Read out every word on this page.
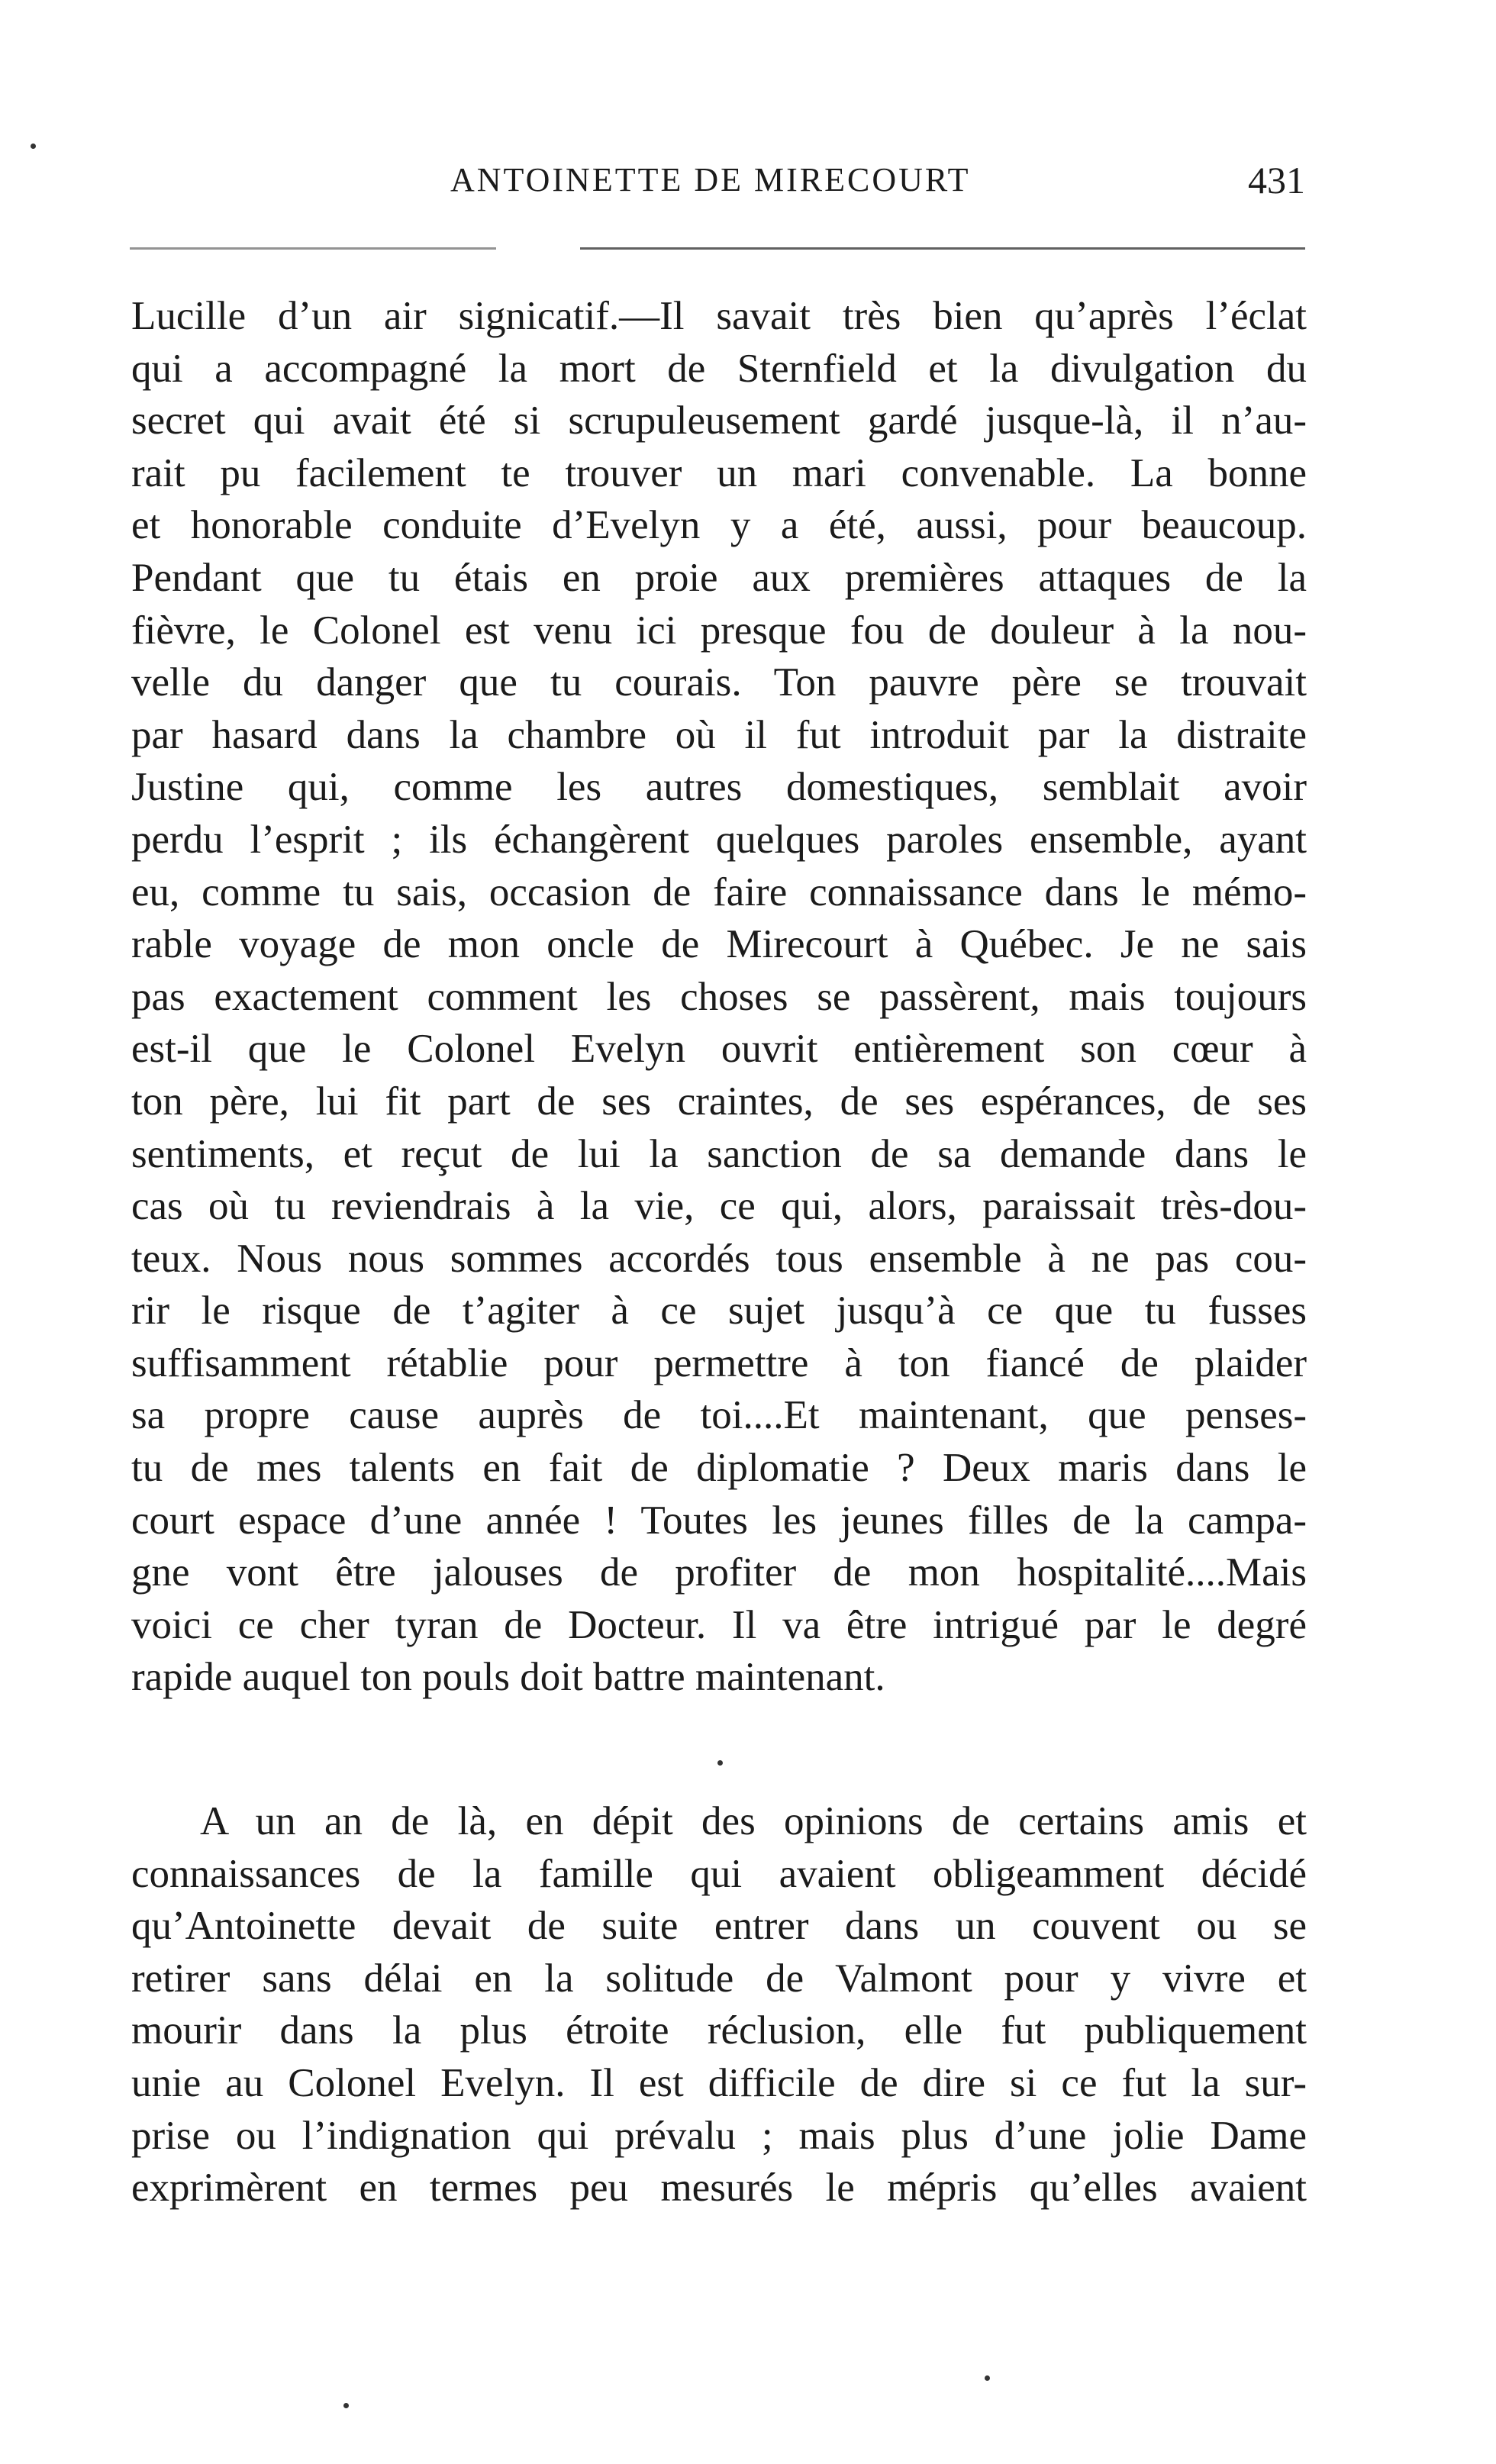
ANTOINETTE DE MIRECOURT	431
Lucille d’un air signicatif.—Il savait très bien qu’après l’éclat
qui a accompagné la mort de Sternfield et la divulgation du
secret qui avait été si scrupuleusement gardé jusque-là, il n’au-
rait pu facilement te trouver un mari convenable. La bonne
et honorable conduite d’Evelyn y a été, aussi, pour beaucoup.
Pendant que tu étais en proie aux premières attaques de la
fièvre, le Colonel est venu ici presque fou de douleur à la nou-
velle du danger que tu courais. Ton pauvre père se trouvait
par hasard dans la chambre où il fut introduit par la distraite
Justine qui, comme les autres domestiques, semblait avoir
perdu l’esprit ; ils échangèrent quelques paroles ensemble, ayant
eu, comme tu sais, occasion de faire connaissance dans le mémo-
rable voyage de mon oncle de Mirecourt à Québec. Je ne sais
pas exactement comment les choses se passèrent, mais toujours
est-il que le Colonel Evelyn ouvrit entièrement son cœur à
ton père, lui fit part de ses craintes, de ses espérances, de ses
sentiments, et reçut de lui la sanction de sa demande dans le
cas où tu reviendrais à la vie, ce qui, alors, paraissait très-dou-
teux. Nous nous sommes accordés tous ensemble à ne pas cou-
rir le risque de t’agiter à ce sujet jusqu’à ce que tu fusses
suffisamment rétablie pour permettre à ton fiancé de plaider
sa propre cause auprès de toi....Et maintenant, que penses-
tu de mes talents en fait de diplomatie ? Deux maris dans le
court espace d’une année ! Toutes les jeunes filles de la campa-
gne vont être jalouses de profiter de mon hospitalité....Mais
voici ce cher tyran de Docteur. Il va être intrigué par le degré
rapide auquel ton pouls doit battre maintenant.
A un an de là, en dépit des opinions de certains amis et
connaissances de la famille qui avaient obligeamment décidé
qu’Antoinette devait de suite entrer dans un couvent ou se
retirer sans délai en la solitude de Valmont pour y vivre et
mourir dans la plus étroite réclusion, elle fut publiquement
unie au Colonel Evelyn. Il est difficile de dire si ce fut la sur-
prise ou l’indignation qui prévalu ; mais plus d’une jolie Dame
exprimèrent en termes peu mesurés le mépris qu’elles avaient
